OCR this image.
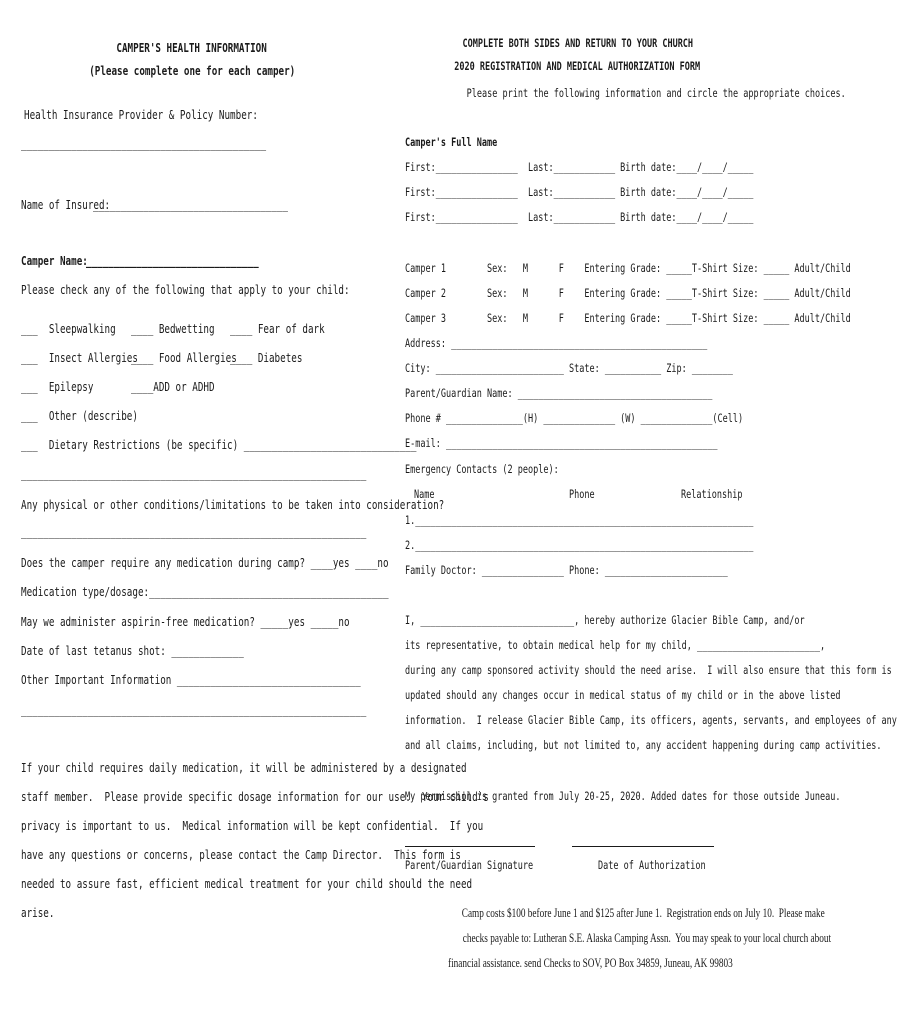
CAMPER'S HEALTH INFORMATION
(Please complete one for each camper)
Health Insurance Provider & Policy Number:
____________________________________________
Name of Insured:
___________________________________
Camper Name:
_______________________________
Please check any of the following that apply to your child:
___  Sleepwalking ____ Bedwetting ____ Fear of dark
___  Insect Allergies
____ Food Allergies
____ Diabetes
___  Epilepsy	____ADD or ADHD
___  Other (describe)
___  Dietary Restrictions (be specific) _______________________________
______________________________________________________________
Any physical or other conditions/limitations to be taken into consideration?
______________________________________________________________
Does the camper require any medication during camp? ____yes ____no
Medication type/dosage:___________________________________________
May we administer aspirin-free medication? _____yes _____no
Date of last tetanus shot: _____________
Other Important Information _________________________________
______________________________________________________________
If your child requires daily medication, it will be administered by a designated
staff member.  Please provide specific dosage information for our use.  Your child's
privacy is important to us.  Medical information will be kept confidential.  If you
have any questions or concerns, please contact the Camp Director.  This form is
needed to assure fast, efficient medical treatment for your child should the need
arise.
COMPLETE BOTH SIDES AND RETURN TO YOUR CHURCH
2020 REGISTRATION AND MEDICAL AUTHORIZATION FORM
Please print the following information and circle the appropriate choices.
Camper's Full Name
First:________________  Last:____________ Birth date:____/____/_____
First:________________  Last:____________ Birth date:____/____/_____
First:________________  Last:____________ Birth date:____/____/_____
Camper 1        Sex:   M      F    Entering Grade: _____T-Shirt Size: _____ Adult/Child
Camper 2        Sex:   M      F    Entering Grade: _____T-Shirt Size: _____ Adult/Child
Camper 3        Sex:   M      F    Entering Grade: _____T-Shirt Size: _____ Adult/Child
Address: __________________________________________________
City: _________________________ State: ___________ Zip: ________
Parent/Guardian Name: ______________________________________
Phone # _______________(H) ______________ (W) ______________(Cell)
E-mail: _____________________________________________________
Emergency Contacts (2 people):
Name	Phone	Relationship
1.__________________________________________________________________
2.__________________________________________________________________
Family Doctor: ________________ Phone: ________________________
I, ______________________________, hereby authorize Glacier Bible Camp, and/or
its representative, to obtain medical help for my child, ________________________,
during any camp sponsored activity should the need arise.  I will also ensure that this form is
updated should any changes occur in medical status of my child or in the above listed
information.  I release Glacier Bible Camp, its officers, agents, servants, and employees of any
and all claims, including, but not limited to, any accident happening during camp activities.
My permission is granted from July 20-25, 2020. Added dates for those outside Juneau.
Parent/Guardian Signature	Date of Authorization
Camp costs $100 before June 1 and $125 after June 1.  Registration ends on July 10.  Please make
checks payable to: Lutheran S.E. Alaska Camping Assn.  You may speak to your local church about
financial assistance. send Checks to SOV, PO Box 34859, Juneau, AK 99803
